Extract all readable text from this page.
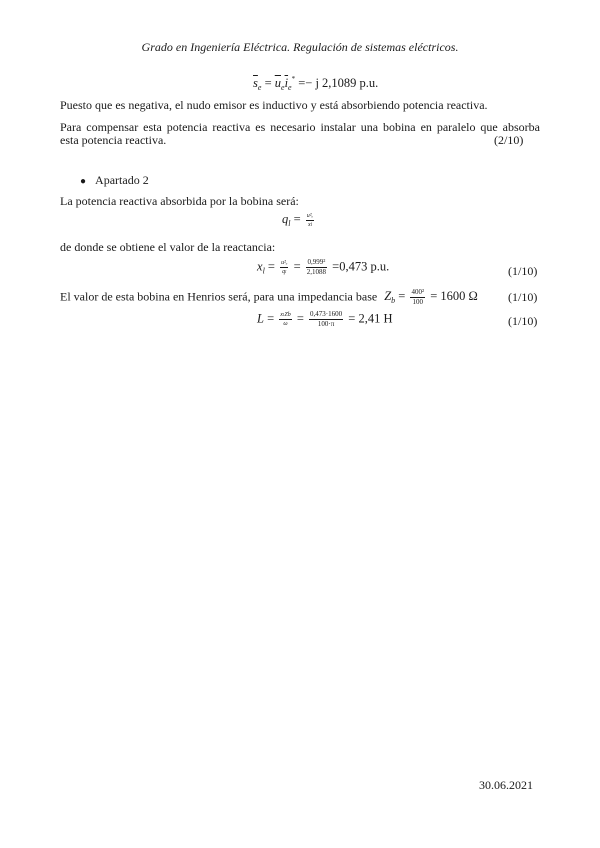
Grado en Ingeniería Eléctrica. Regulación de sistemas eléctricos.
$\overline{s}_e = \overline{u}_e\overline{i}_e^* =- j$ 2,1089 p.u.
Puesto que es negativa, el nudo emisor es inductivo y está absorbiendo potencia reactiva.
Para compensar esta potencia reactiva es necesario instalar una bobina en paralelo que absorba
esta potencia reactiva.	(2/10)
● Apartado 2
La potencia reactiva absorbida por la bobina será:
$q_l = \frac{\text{u²ₑ}}{xl}$
de donde se obtiene el valor de la reactancia:
$x_l = \frac{\text{u²ₑ}}{\text{qₗ}} = \frac{\text{0,999²}}{2,1088} =0,473$ p.u.	(1/10)
El valor de esta bobina en Henrios será, para una impedancia base $Z_b = \frac{\text{400²}}{100} = 1600$ Ω	(1/10)
$L = \frac{\text{xₗZb}}{\omega} = \frac{0,473\cdot 1600}{100\cdot\pi} = 2,41$ H	(1/10)
30.06.2021
